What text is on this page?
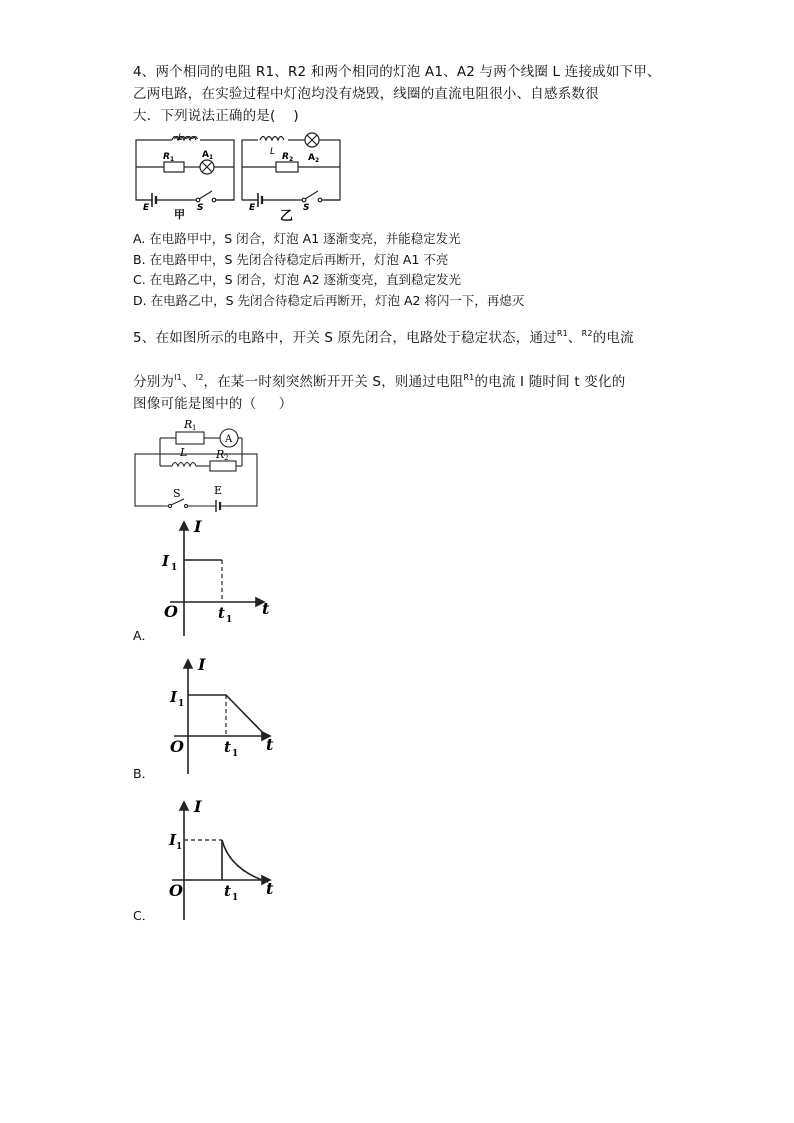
4、两个相同的电阻 R1、R2 和两个相同的灯泡 A1、A2 与两个线圈 L 连接成如下甲、
乙两电路，在实验过程中灯泡均没有烧毁，线圈的直流电阻很小、自感系数很
大．下列说法正确的是(    )
L
R 1	A 1
E	S
甲
L R 2 A 2
E	S
乙
A. 在电路甲中，S 闭合，灯泡 A1 逐渐变亮，并能稳定发光
B. 在电路甲中，S 先闭合待稳定后再断开，灯泡 A1 不亮
C. 在电路乙中，S 闭合，灯泡 A2 逐渐变亮，直到稳定发光
D. 在电路乙中，S 先闭合待稳定后再断开，灯泡 A2 将闪一下，再熄灭
5、在如图所示的电路中，开关 S 原先闭合，电路处于稳定状态，通过$^{R1}$、$^{R2}$的电流
分别为$^{I1}$、$^{I2}$，在某一时刻突然断开开关 S，则通过电阻$^{R1}$的电流 I 随时间 t 变化的
图像可能是图中的（     ）
R 1
A
L	R 2
S	E
I
I 1
O	t 1
t
A．
I
I 1
O	t 1 t
B．
I
I 1
O	t 1 t
C．
